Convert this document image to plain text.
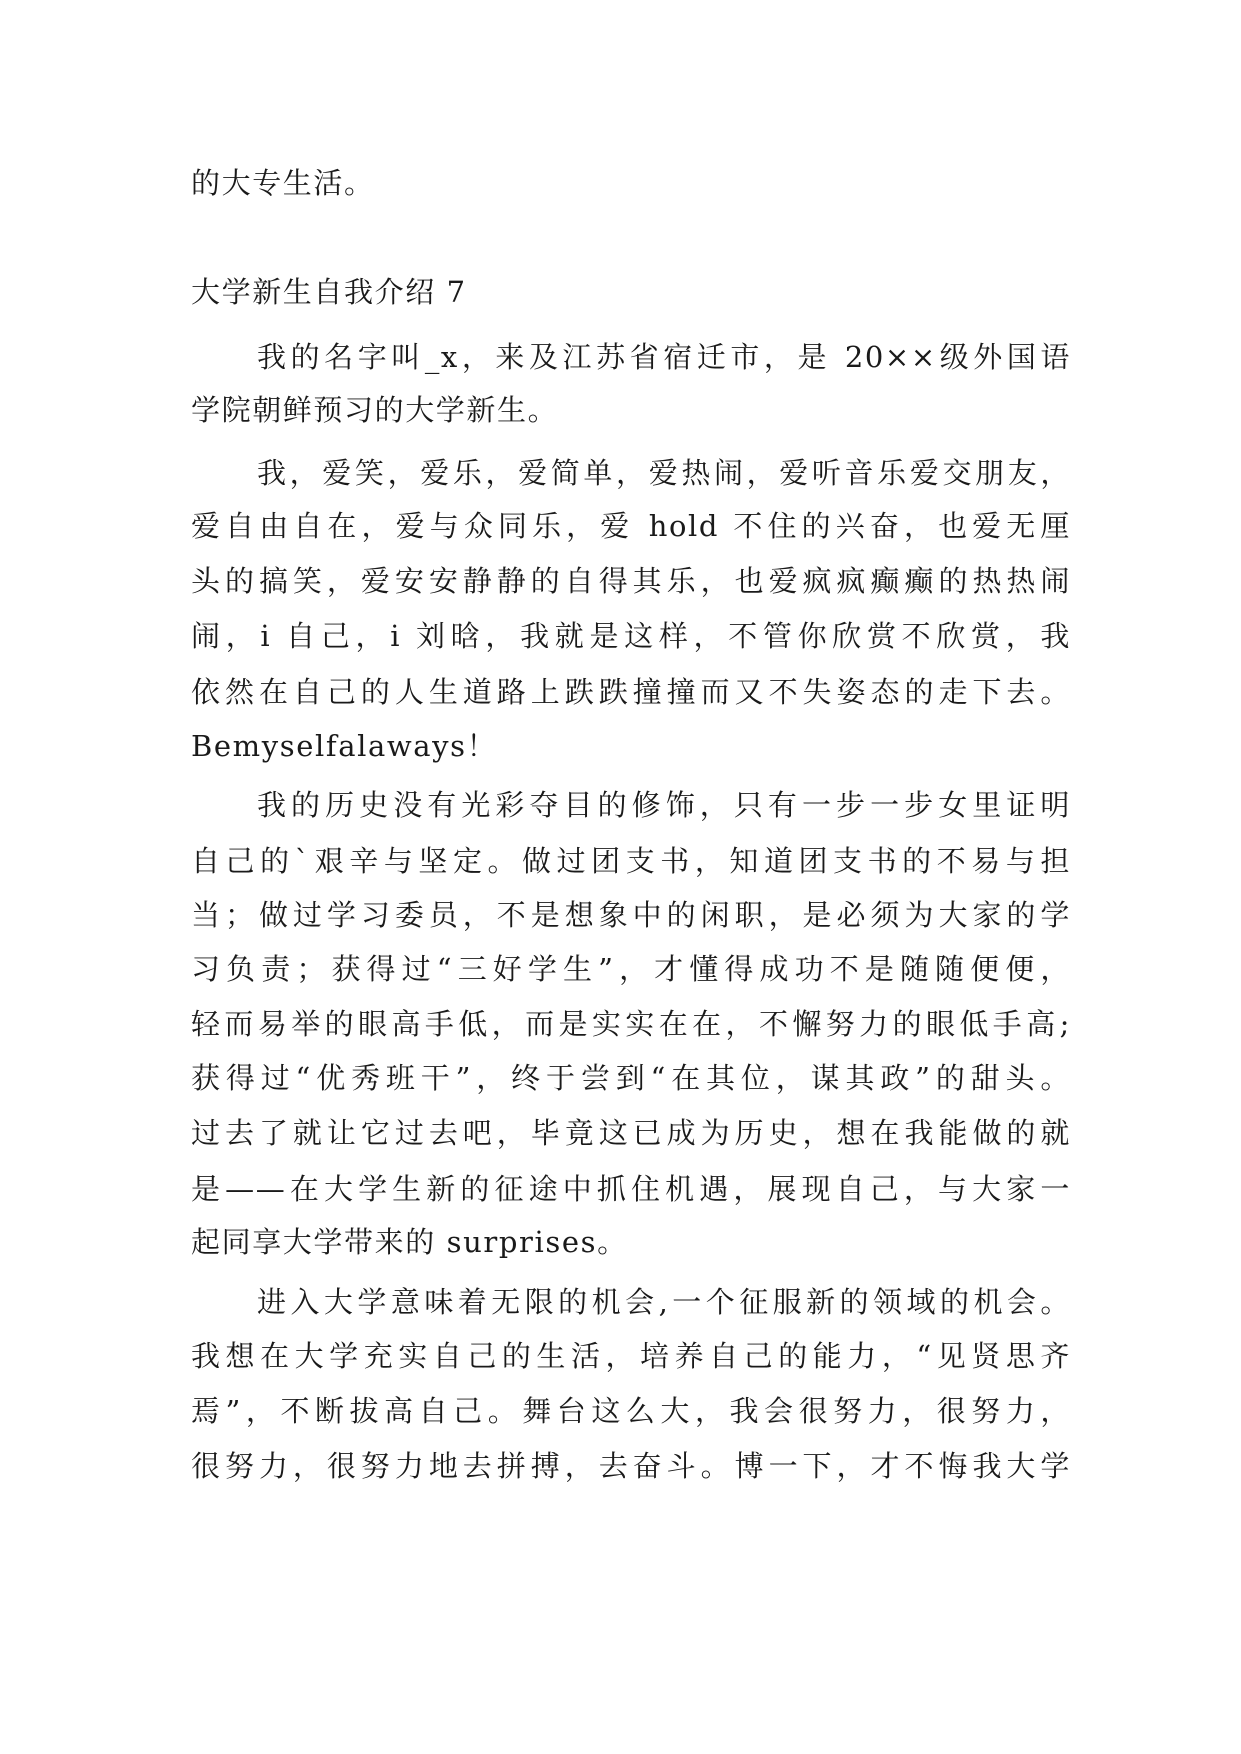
的大专生活。
大学新生自我介绍 7
我的名字叫_x，来及江苏省宿迁市，是 20××级外国语
学院朝鲜预习的大学新生。
我，爱笑，爱乐，爱简单，爱热闹，爱听音乐爱交朋友，
爱自由自在，爱与众同乐，爱 hold 不住的兴奋，也爱无厘
头的搞笑，爱安安静静的自得其乐，也爱疯疯癫癫的热热闹
闹，i 自己，i 刘晗，我就是这样，不管你欣赏不欣赏，我
依然在自己的人生道路上跌跌撞撞而又不失姿态的走下去。
Bemyselfalaways！
我的历史没有光彩夺目的修饰，只有一步一步女里证明
自己的`艰辛与坚定。做过团支书，知道团支书的不易与担
当；做过学习委员，不是想象中的闲职，是必须为大家的学
习负责；获得过“三好学生”，才懂得成功不是随随便便，
轻而易举的眼高手低，而是实实在在，不懈努力的眼低手高;
获得过“优秀班干”，终于尝到“在其位，谋其政”的甜头。
过去了就让它过去吧，毕竟这已成为历史，想在我能做的就
是——在大学生新的征途中抓住机遇，展现自己，与大家一
起同享大学带来的 surprises。
进入大学意味着无限的机会,一个征服新的领域的机会。
我想在大学充实自己的生活，培养自己的能力，“见贤思齐
焉”，不断拔高自己。舞台这么大，我会很努力，很努力，
很努力，很努力地去拼搏，去奋斗。博一下，才不悔我大学
